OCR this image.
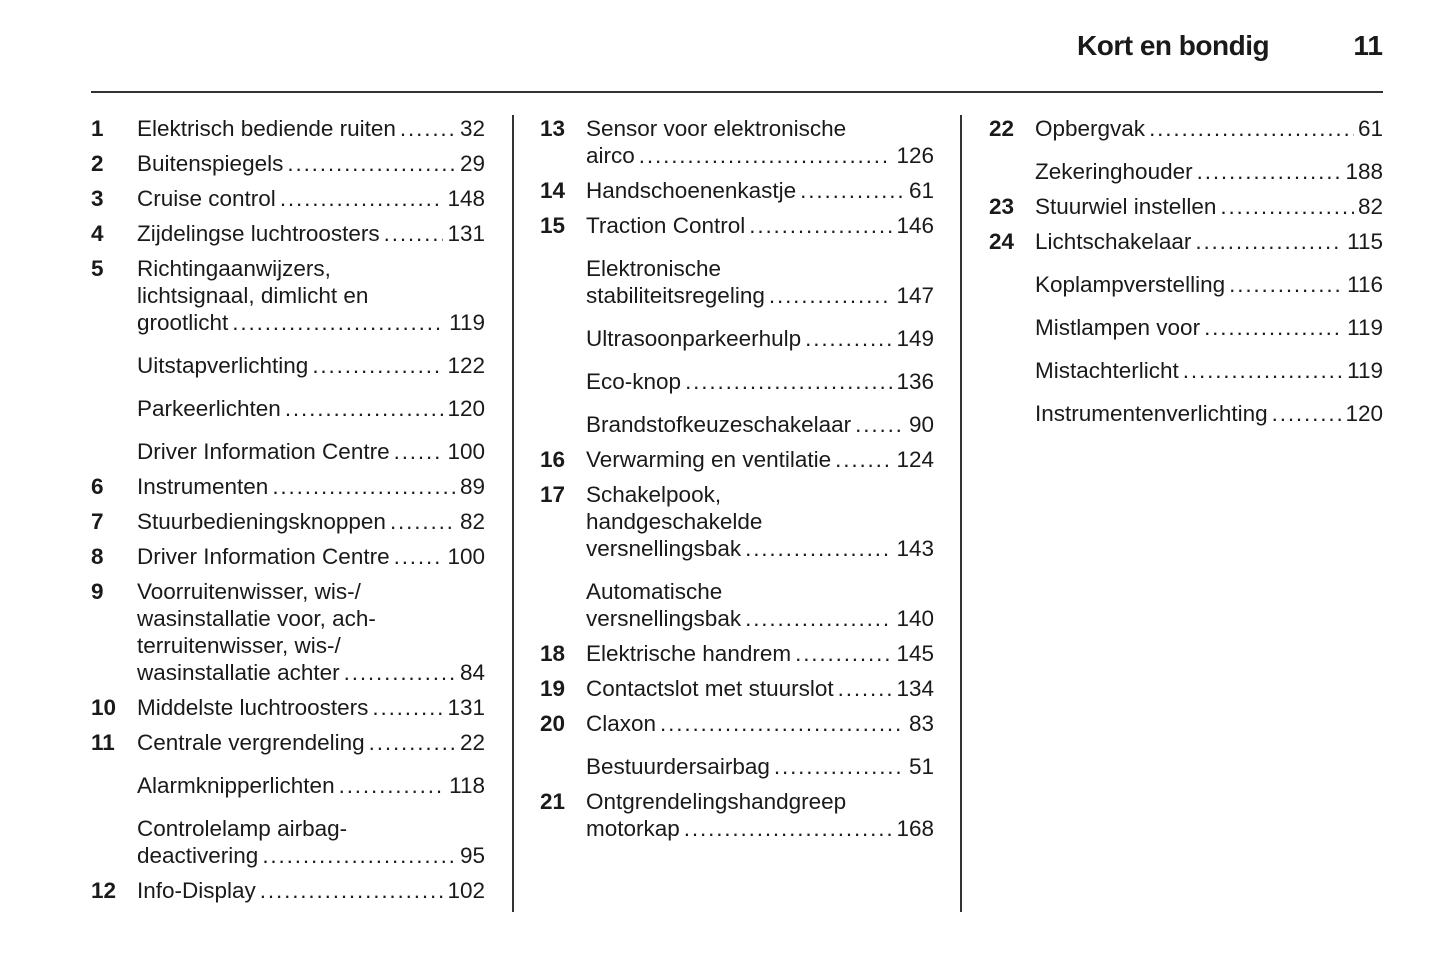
Kort en bondig	11
1 Elektrisch bediende ruiten . . .	32
2 Buitenspiegels . . .	29
3 Cruise control . . .	148
4 Zijdelingse luchtroosters . . .	131
5 Richtingaanwijzers,
lichtsignaal, dimlicht en
grootlicht . . .	119
Uitstapverlichting . . .	122
Parkeerlichten . . .	120
Driver Information Centre . . .	100
6 Instrumenten . . .	89
7 Stuurbedieningsknoppen . . .	82
8 Driver Information Centre . . .	100
9 Voorruitenwisser, wis-/
wasinstallatie voor, ach-
terruitenwisser, wis-/
wasinstallatie achter . . .	84
10 Middelste luchtroosters . . .	131
11 Centrale vergrendeling . . .	22
Alarmknipperlichten . . .	118
Controlelamp airbag-
deactivering . . .	95
12 Info-Display . . .	102
13 Sensor voor elektronische
airco . . .	126
14 Handschoenenkastje . . .	61
15 Traction Control . . .	146
Elektronische
stabiliteitsregeling . . .	147
Ultrasoonparkeerhulp . . .	149
Eco-knop . . .	136
Brandstofkeuzeschakelaar . . .	90
16 Verwarming en ventilatie . . .	124
17 Schakelpook,
handgeschakelde
versnellingsbak . . .	143
Automatische
versnellingsbak . . .	140
18 Elektrische handrem . . .	145
19 Contactslot met stuurslot . . .	134
20 Claxon . . .	83
Bestuurdersairbag . . .	51
21 Ontgrendelingshandgreep
motorkap . . .	168
22 Opbergvak . . .	61
Zekeringhouder . . .	188
23 Stuurwiel instellen . . .	82
24 Lichtschakelaar . . .	115
Koplampverstelling . . .	116
Mistlampen voor . . .	119
Mistachterlicht . . .	119
Instrumentenverlichting . . .	120
